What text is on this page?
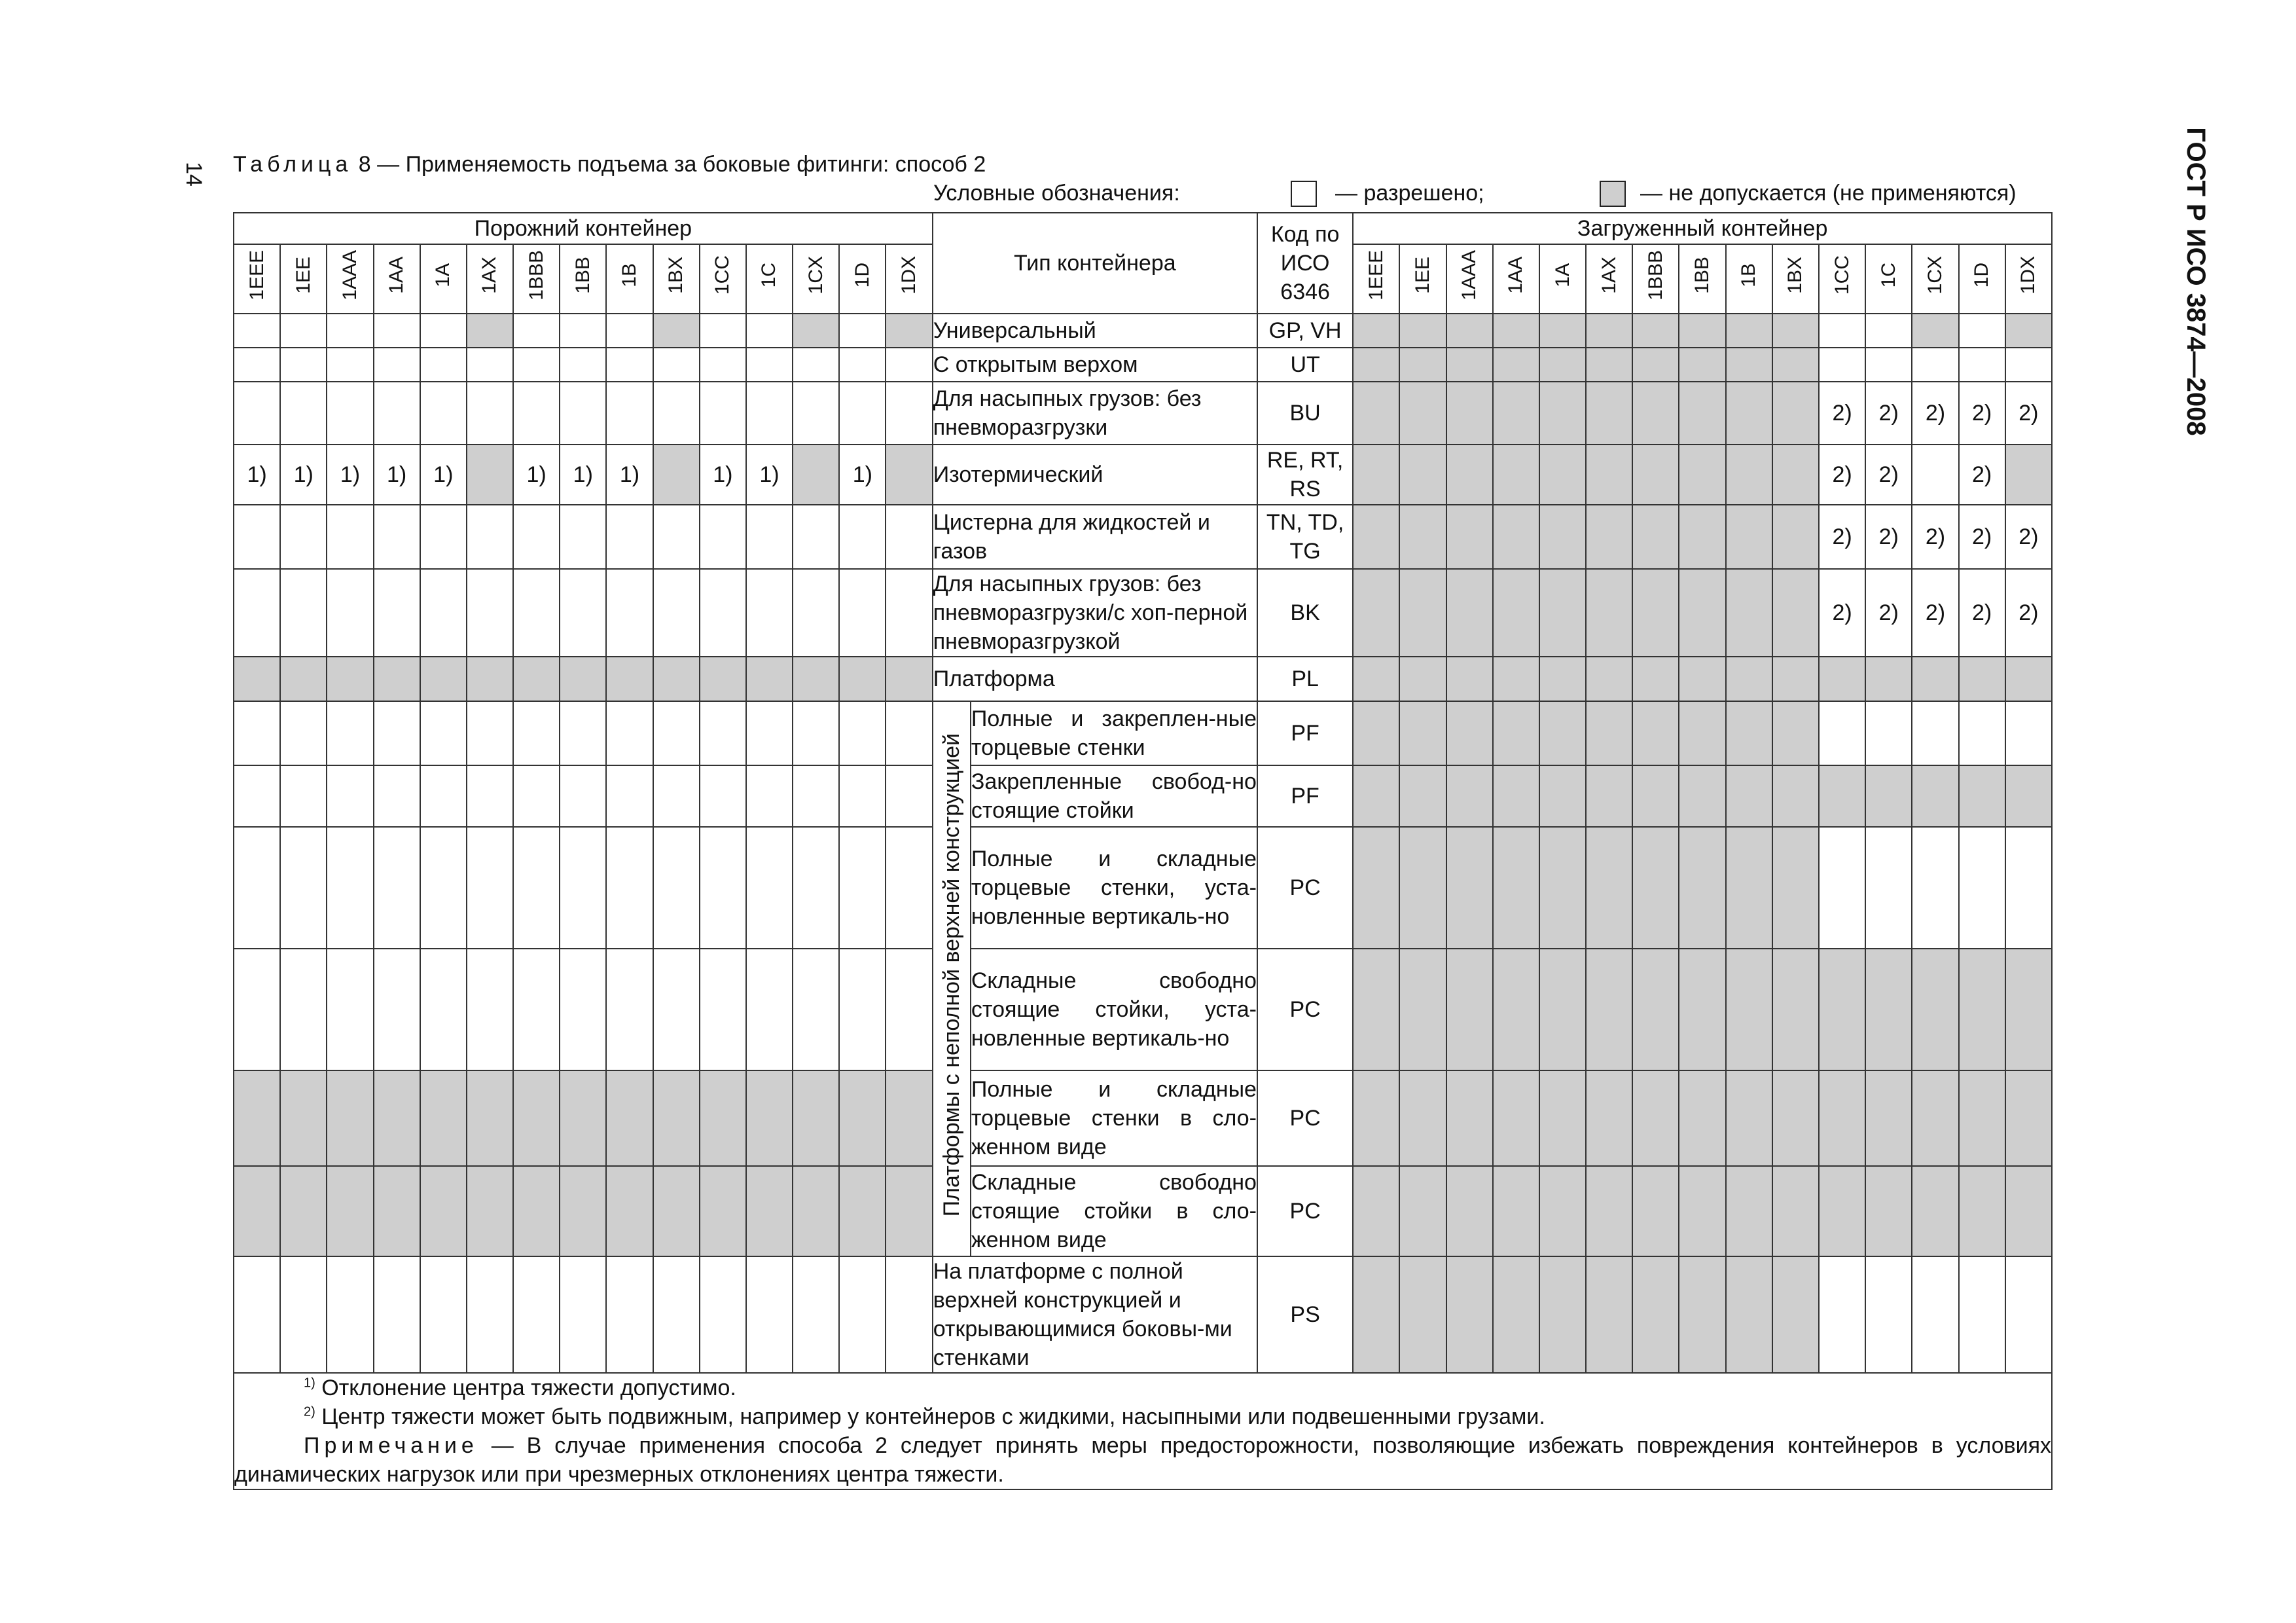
14	ГОСТ Р ИСО 3874—2008
Таблица 8 — Применяемость подъема за боковые фитинги: способ 2
Условные обозначения:	— разрешено;	— не допускается (не применяются)
Порожний контейнер															Тип контейнера		Код по ИСО 6346	Загруженный контейнер														
1EEE	1EE	1AAA	1AA	1A	1AX	1BBB	1BB	1B	1BX	1CC	1C	1CX	1D	1DX				1EEE	1EE	1AAA	1AA	1A	1AX	1BBB	1BB	1B	1BX	1CC	1C	1CX	1D	1DX
															Универсальный		GP, VH															
															С открытым верхом		UT															
															Для насыпных грузов: без пневморазгрузки		BU											2)	2)	2)	2)	2)
1)	1)	1)	1)	1)		1)	1)	1)		1)	1)		1)		Изотермический		RE, RT, RS											2)	2)		2)	
															Цистерна для жидкостей и газов		TN, TD, TG											2)	2)	2)	2)	2)
															Для насыпных грузов: без пневморазгрузки/с хоп-перной пневморазгрузкой		BK											2)	2)	2)	2)	2)
															Платформа		PL															
															Платформы с неполной верхней конструкцией	Полные и закреплен-ные торцевые стенки	PF															
																Закрепленные свобод-но стоящие стойки	PF															
																Полные и складные торцевые стенки, уста-новленные вертикаль-но	PC															
																Складные свободно стоящие стойки, уста-новленные вертикаль-но	PC															
																Полные и складные торцевые стенки в сло-женном виде	PC															
																Складные свободно стоящие стойки в сло-женном виде	PC															
															На платформе с полной верхней конструкцией и открывающимися боковы-ми стенками		PS															

$^{1)}$ Отклонение центра тяжести допустимо.
$^{2)}$ Центр тяжести может быть подвижным, например у контейнеров с жидкими, насыпными или подвешенными грузами.
Примечание — В случае применения способа 2 следует принять меры предосторожности, позволяющие избежать повреждения контейнеров в условиях динамических нагрузок или при чрезмерных отклонениях центра тяжести.																																
